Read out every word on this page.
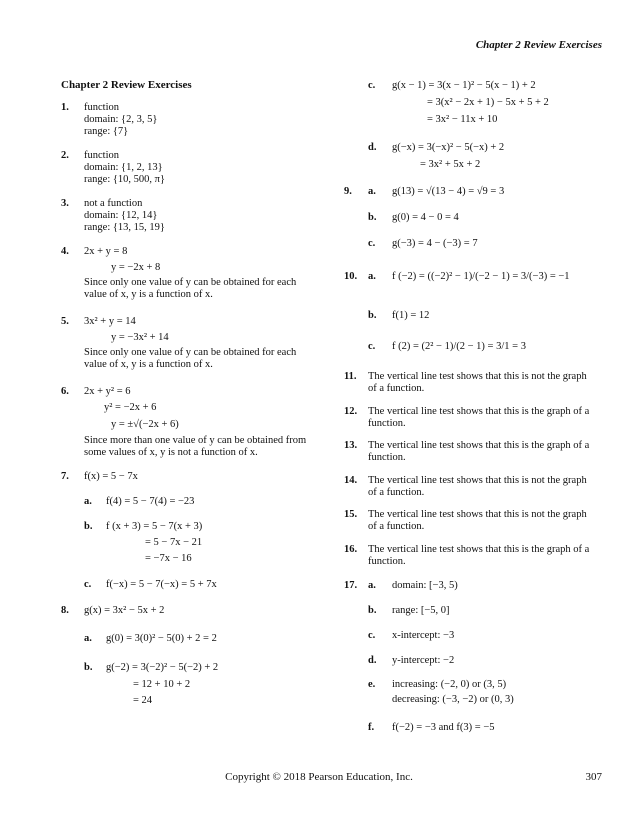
Chapter 2 Review Exercises
Chapter 2 Review Exercises
1. function
domain: {2, 3, 5}
range: {7}
2. function
domain: {1, 2, 13}
range: {10, 500, π}
3. not a function
domain: {12, 14}
range: {13, 15, 19}
4. 2x + y = 8
y = −2x + 8
Since only one value of y can be obtained for each
value of x, y is a function of x.
5. 3x² + y = 14
y = −3x² + 14
Since only one value of y can be obtained for each
value of x, y is a function of x.
6. 2x + y² = 6
y² = −2x + 6
y = ±√(−2x + 6)
Since more than one value of y can be obtained from
some values of x, y is not a function of x.
7. f(x) = 5 − 7x
a. f(4) = 5 − 7(4) = −23
b. f (x + 3) = 5 − 7(x + 3)
= 5 − 7x − 21
= −7x − 16
c. f(−x) = 5 − 7(−x) = 5 + 7x
8. g(x) = 3x² − 5x + 2
a. g(0) = 3(0)² − 5(0) + 2 = 2
b. g(−2) = 3(−2)² − 5(−2) + 2
= 12 + 10 + 2
= 24
c. g(x − 1) = 3(x − 1)² − 5(x − 1) + 2
= 3(x² − 2x + 1) − 5x + 5 + 2
= 3x² − 11x + 10
d. g(−x) = 3(−x)² − 5(−x) + 2
= 3x² + 5x + 2
9. a. g(13) = √(13 − 4) = √9 = 3
b. g(0) = 4 − 0 = 4
c. g(−3) = 4 − (−3) = 7
10. a. f (−2) = ((−2)² − 1)/(−2 − 1) = 3/(−3) = −1
b. f(1) = 12
c. f (2) = (2² − 1)/(2 − 1) = 3/1 = 3
11. The vertical line test shows that this is not the graph
of a function.
12. The vertical line test shows that this is the graph of a
function.
13. The vertical line test shows that this is the graph of a
function.
14. The vertical line test shows that this is not the graph
of a function.
15. The vertical line test shows that this is not the graph
of a function.
16. The vertical line test shows that this is the graph of a
function.
17. a. domain: [−3, 5)
b. range: [−5, 0]
c. x-intercept: −3
d. y-intercept: −2
e. increasing: (−2, 0) or (3, 5)
decreasing: (−3, −2) or (0, 3)
f. f(−2) = −3 and f(3) = −5
Copyright © 2018 Pearson Education, Inc.	307
